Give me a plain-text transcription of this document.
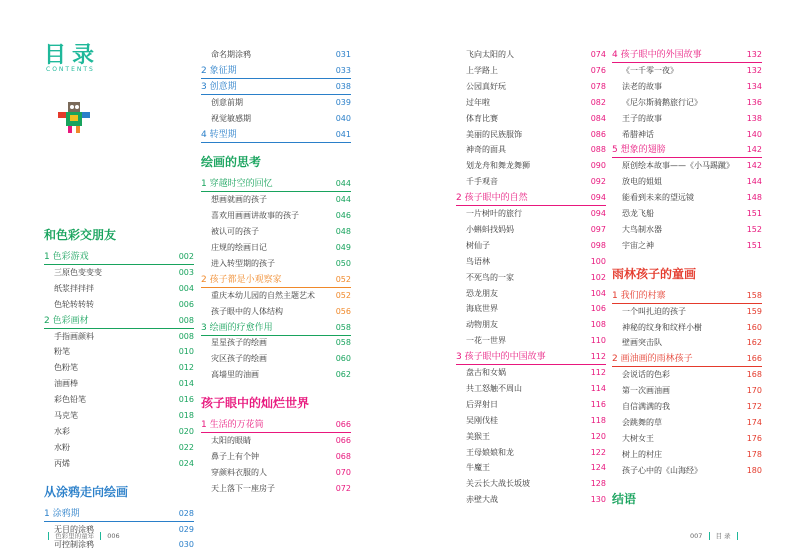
目录
CONTENTS
和色彩交朋友
1 色彩游戏	002
三原色变变变	003
纸浆拌拌拌	004
色轮转转转	006
2 色彩画材	008
手指画颜料	008
粉笔	010
色粉笔	012
油画棒	014
彩色铅笔	016
马克笔	018
水彩	020
水粉	022
丙烯	024
从涂鸦走向绘画
1 涂鸦期	028
无目的涂鸦	029
可控制涂鸦	030
命名期涂鸦	031
2 象征期	033
3 创意期	038
创意前期	039
视觉敏感期	040
4 转型期	041
绘画的思考
1 穿越时空的回忆	044
想画就画的孩子	044
喜欢用画画讲故事的孩子	046
被认可的孩子	048
庄规的绘画日记	049
进入转型期的孩子	050
2 孩子都是小观察家	052
重庆本幼儿园的自然主题艺术	052
孩子眼中的人体结构	056
3 绘画的疗愈作用	058
星星孩子的绘画	058
灾区孩子的绘画	060
高墙里的油画	062
孩子眼中的灿烂世界
1 生活的万花筒	066
太阳的眼睛	066
鼻子上有个钟	068
穿颜料衣服的人	070
天上落下一座房子	072
飞向太阳的人	074
上学路上	076
公园真好玩	078
过年啦	082
体育比赛	084
美丽的民族服饰	086
神奇的面具	088
划龙舟和舞龙舞狮	090
千手观音	092
2 孩子眼中的自然	094
一片树叶的旅行	094
小蝌蚪找妈妈	097
树仙子	098
鸟语林	100
不死鸟的一家	102
恐龙朋友	104
海底世界	106
动物朋友	108
一花一世界	110
3 孩子眼中的中国故事	112
盘古和女娲	112
共工怒触不周山	114
后羿射日	116
吴刚伐桂	118
美猴王	120
王母娘娘和龙	122
牛魔王	124
关云长大战长坂坡	128
赤壁大战	130
4 孩子眼中的外国故事	132
《一千零一夜》	132
法老的故事	134
《尼尔斯骑鹅旅行记》	136
王子的故事	138
希腊神话	140
5 想象的翅膀	142
原创绘本故事——《小马踢蹴》 142
放电的姐姐	144
能看到未来的望远镜	148
恐龙飞船	151
大鸟制水器	152
宇宙之神	151
雨林孩子的童画
1 我们的村寨	158
一个叫扎迫的孩子	159
神秘的纹身和纹样小樹	160
壁画突击队	162
2 画油画的雨林孩子	166
会说话的色彩	168
第一次画油画	170
自信满满的我	172
会跳舞的草	174
大树女王	176
树上的村庄	178
孩子心中的《山海经》	180
结语
色彩里的童年 006	007 目 录
